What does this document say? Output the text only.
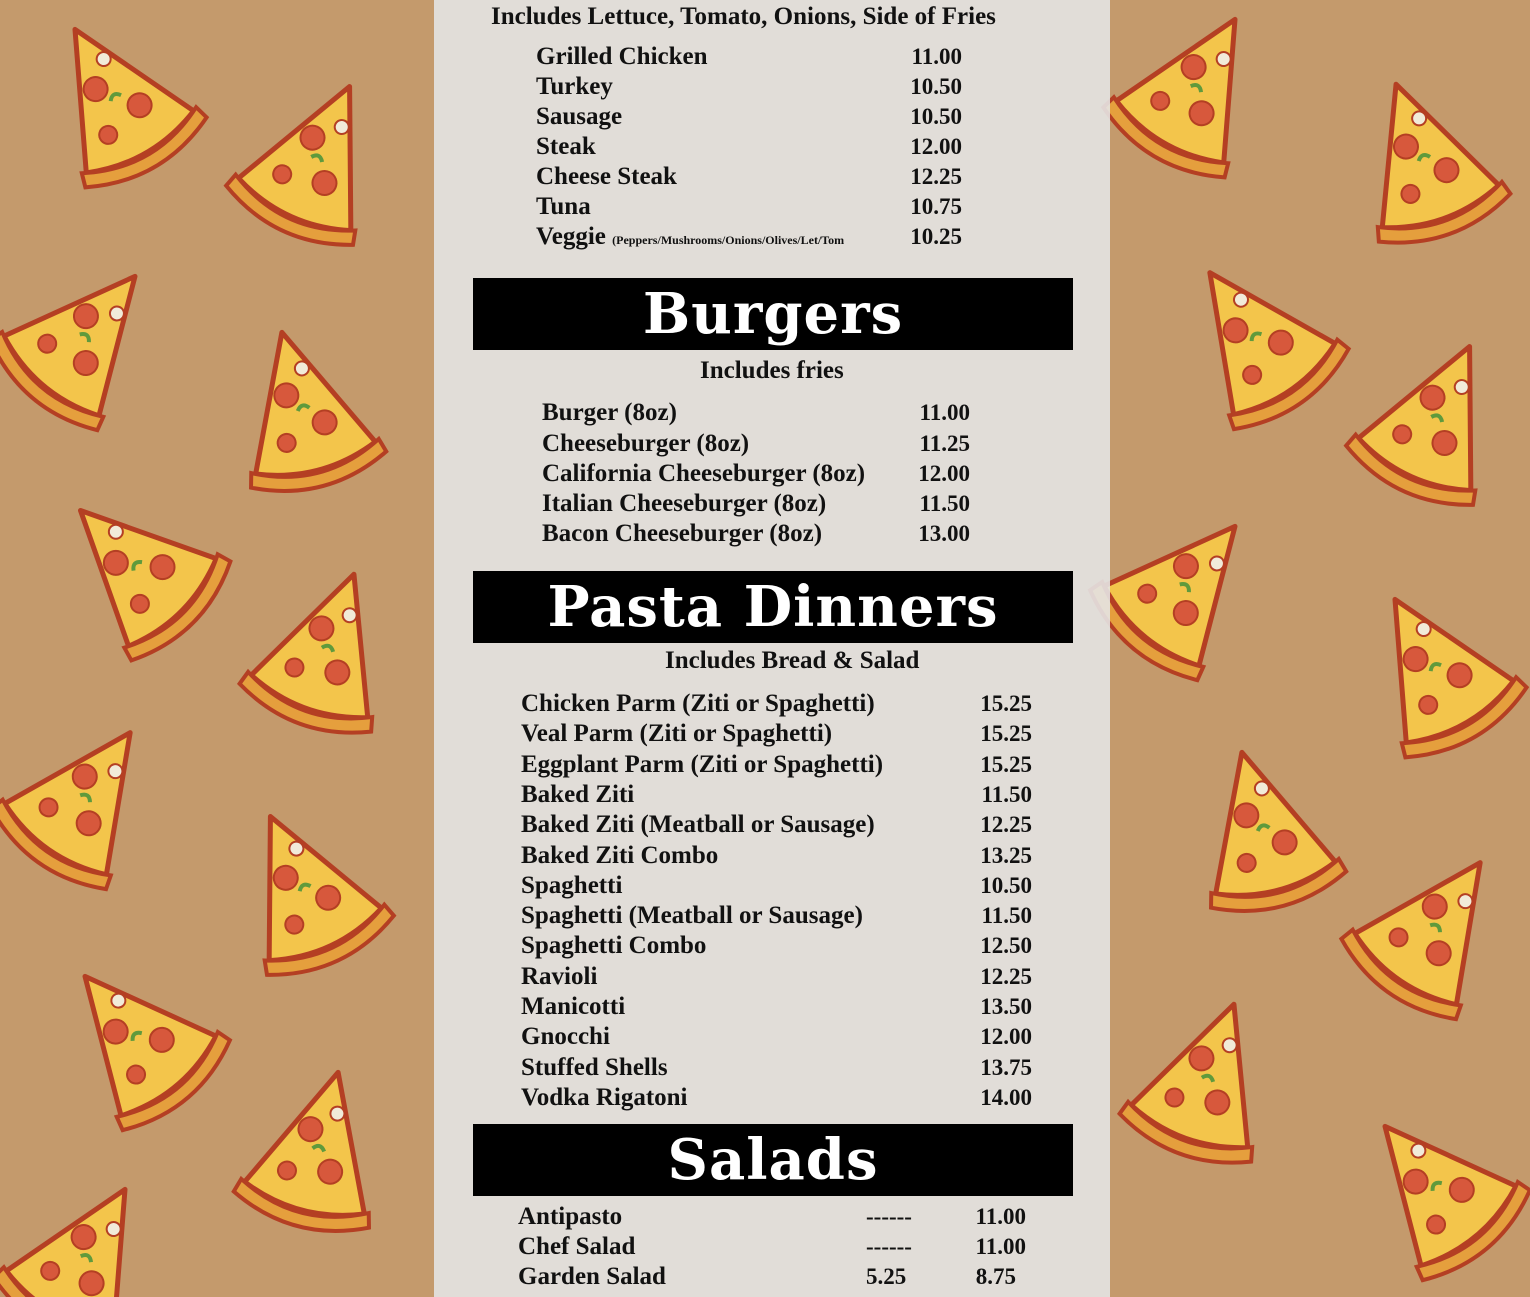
Includes Lettuce, Tomato, Onions, Side of Fries
Grilled Chicken	11.00
Turkey	10.50
Sausage	10.50
Steak	12.00
Cheese Steak	12.25
Tuna	10.75
Veggie (Peppers/Mushrooms/Onions/Olives/Let/Tom	10.25
Burgers
Includes fries
Burger (8oz)	11.00
Cheeseburger (8oz)	11.25
California Cheeseburger (8oz) 12.00
Italian Cheeseburger (8oz)	11.50
Bacon Cheeseburger (8oz)	13.00
Pasta Dinners
Includes Bread & Salad
Chicken Parm (Ziti or Spaghetti)	15.25
Veal Parm (Ziti or Spaghetti)	15.25
Eggplant Parm (Ziti or Spaghetti)	15.25
Baked Ziti	11.50
Baked Ziti (Meatball or Sausage)	12.25
Baked Ziti Combo	13.25
Spaghetti	10.50
Spaghetti (Meatball or Sausage)	11.50
Spaghetti Combo	12.50
Ravioli	12.25
Manicotti	13.50
Gnocchi	12.00
Stuffed Shells	13.75
Vodka Rigatoni	14.00
Salads
Antipasto	------	11.00
Chef Salad	------	11.00
Garden Salad	5.25	8.75
